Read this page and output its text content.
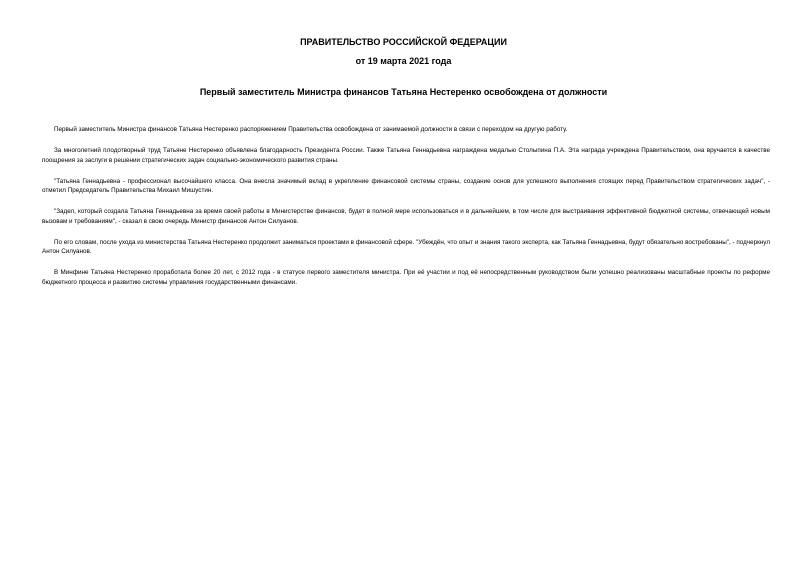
ПРАВИТЕЛЬСТВО РОССИЙСКОЙ ФЕДЕРАЦИИ
от 19 марта 2021 года
Первый заместитель Министра финансов Татьяна Нестеренко освобождена от должности

Первый заместитель Министра финансов Татьяна Нестеренко распоряжением Правительства освобождена от занимаемой должности в связи с переходом на другую работу.

За многолетний плодотворный труд Татьяне Нестеренко объявлена благодарность Президента России. Также Татьяна Геннадьевна награждена медалью Столыпина П.А. Эта награда учреждена Правительством, она вручается в качестве поощрения за заслуги в решении стратегических задач социально-экономического развития страны.

"Татьяна Геннадьевна - профессионал высочайшего класса. Она внесла значимый вклад в укрепление финансовой системы страны, создание основ для успешного выполнения стоящих перед Правительством стратегических задач", - отметил Председатель Правительства Михаил Мишустин.

"Задел, который создала Татьяна Геннадьевна за время своей работы в Министерстве финансов, будет в полной мере использоваться и в дальнейшем, в том числе для выстраивания эффективной бюджетной системы, отвечающей новым вызовам и требованиям", - сказал в свою очередь Министр финансов Антон Силуанов.

По его словам, после ухода из министерства Татьяна Нестеренко продолжит заниматься проектами в финансовой сфере. "Убеждён, что опыт и знания такого эксперта, как Татьяна Геннадьевна, будут обязательно востребованы", - подчеркнул Антон Силуанов.

В Минфине Татьяна Нестеренко проработала более 20 лет, с 2012 года - в статусе первого заместителя министра. При её участии и под её непосредственным руководством были успешно реализованы масштабные проекты по реформе бюджетного процесса и развитию системы управления государственными финансами.
